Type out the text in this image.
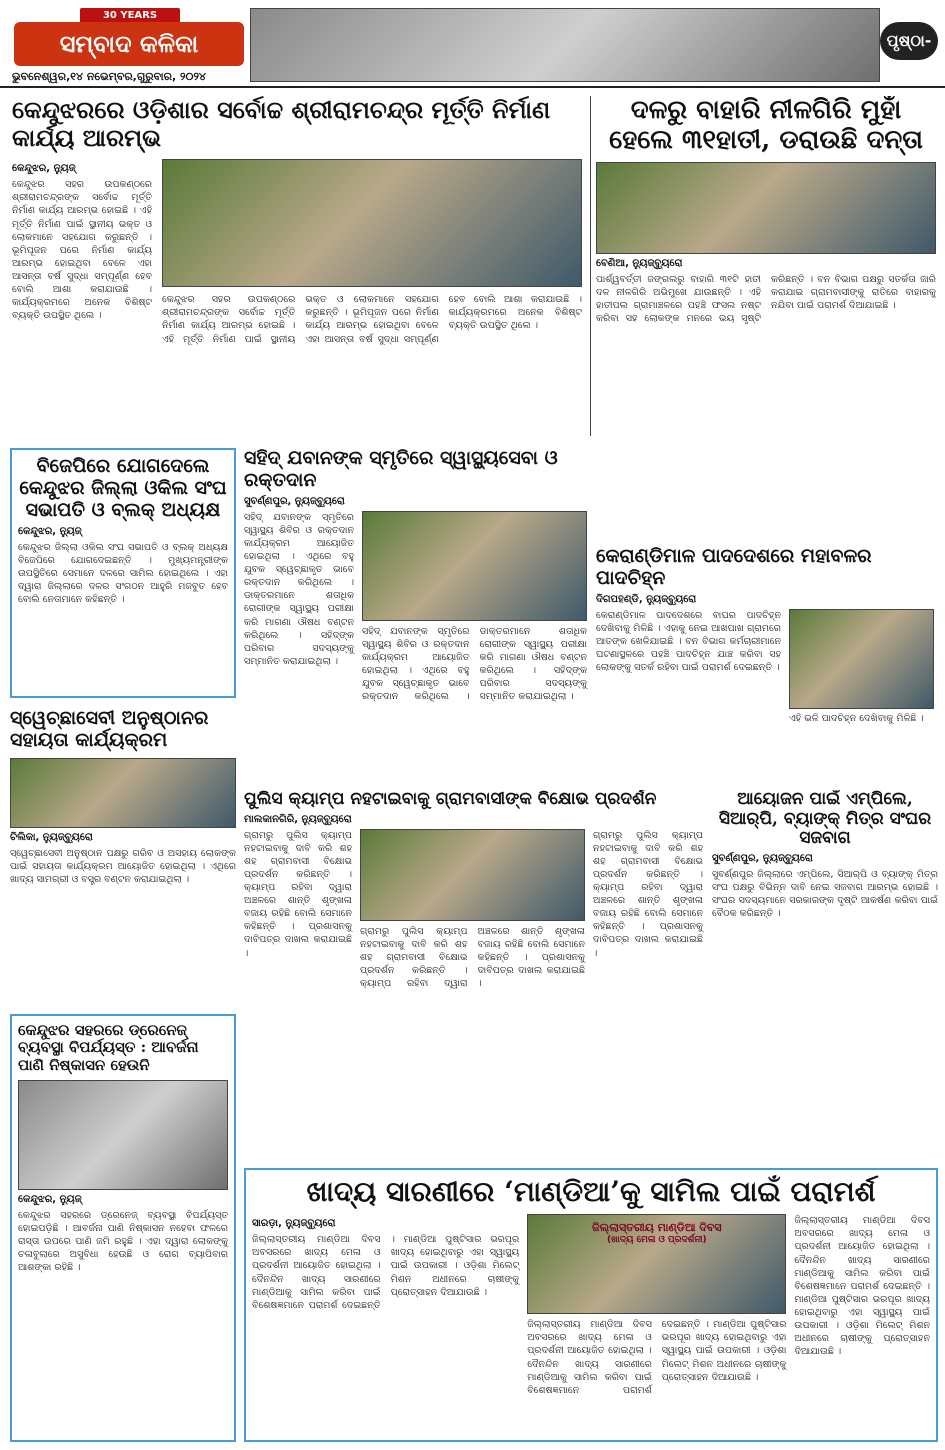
30 YEARS
ସମ୍ବାଦ କଳିକା
ଭୁବନେଶ୍ୱର,୧୪ ନଭେମ୍ବର,ଗୁରୁବାର, ୨୦୨୪
ପୃଷ୍ଠା- ୨
କେନ୍ଦୁଝରରେ ଓଡ଼ିଶାର ସର୍ବୋଚ୍ଚ ଶ୍ରୀରାମଚନ୍ଦ୍ର ମୂର୍ତ୍ତି ନିର୍ମାଣ କାର୍ଯ୍ୟ ଆରମ୍ଭ
କେନ୍ଦୁଝର, ନ୍ୟୁଜ୍
କେନ୍ଦୁଝର ସହର ଉପକଣ୍ଠରେ ଶ୍ରୀରାମଚନ୍ଦ୍ରଙ୍କ ସର୍ବୋଚ୍ଚ ମୂର୍ତ୍ତି ନିର୍ମାଣ କାର୍ଯ୍ୟ ଆରମ୍ଭ ହୋଇଛି । ଏହି ମୂର୍ତ୍ତି ନିର୍ମାଣ ପାଇଁ ସ୍ଥାନୀୟ ଭକ୍ତ ଓ ଲୋକମାନେ ସହଯୋଗ କରୁଛନ୍ତି । ଭୂମିପୂଜନ ପରେ ନିର୍ମାଣ କାର୍ଯ୍ୟ ଆରମ୍ଭ ହୋଇଥିବା ବେଳେ ଏହା ଆସନ୍ତା ବର୍ଷ ସୁଦ୍ଧା ସମ୍ପୂର୍ଣ୍ଣ ହେବ ବୋଲି ଆଶା କରାଯାଉଛି । କାର୍ଯ୍ୟକ୍ରମରେ ଅନେକ ବିଶିଷ୍ଟ ବ୍ୟକ୍ତି ଉପସ୍ଥିତ ଥିଲେ ।
କେନ୍ଦୁଝର ସହର ଉପକଣ୍ଠରେ ଶ୍ରୀରାମଚନ୍ଦ୍ରଙ୍କ ସର୍ବୋଚ୍ଚ ମୂର୍ତ୍ତି ନିର୍ମାଣ କାର୍ଯ୍ୟ ଆରମ୍ଭ ହୋଇଛି । ଏହି ମୂର୍ତ୍ତି ନିର୍ମାଣ ପାଇଁ ସ୍ଥାନୀୟ ଭକ୍ତ ଓ ଲୋକମାନେ ସହଯୋଗ କରୁଛନ୍ତି । ଭୂମିପୂଜନ ପରେ ନିର୍ମାଣ କାର୍ଯ୍ୟ ଆରମ୍ଭ ହୋଇଥିବା ବେଳେ ଏହା ଆସନ୍ତା ବର୍ଷ ସୁଦ୍ଧା ସମ୍ପୂର୍ଣ୍ଣ ହେବ ବୋଲି ଆଶା କରାଯାଉଛି । କାର୍ଯ୍ୟକ୍ରମରେ ଅନେକ ବିଶିଷ୍ଟ ବ୍ୟକ୍ତି ଉପସ୍ଥିତ ଥିଲେ ।
ଦଳରୁ ବାହାରି ନୀଳଗିରି ମୁହାଁ ହେଲେ ୩୧ହାତୀ, ଡରାଉଛି ଦନ୍ତା
ବେଣିଆ, ନ୍ୟୁଜ୍‌ବ୍ୟୁରୋ
ପାର୍ଶ୍ୱବର୍ତ୍ତୀ ଜଙ୍ଗଲରୁ ବାହାରି ୩୧ଟି ହାତୀ ଦଳ ନୀଳଗିରି ଅଭିମୁଖେ ଯାଉଛନ୍ତି । ଏହି ହାତୀପଲ ଗ୍ରାମାଞ୍ଚଳରେ ପହଞ୍ଚି ଫସଲ ନଷ୍ଟ କରିବା ସହ ଲୋକଙ୍କ ମନରେ ଭୟ ସୃଷ୍ଟି କରିଛନ୍ତି । ବନ ବିଭାଗ ପକ୍ଷରୁ ସତର୍କତା ଜାରି କରାଯାଇ ଗ୍ରାମବାସୀଙ୍କୁ ରାତିରେ ବାହାରକୁ ନଯିବା ପାଇଁ ପରାମର୍ଶ ଦିଆଯାଇଛି ।
ବିଜେପିରେ ଯୋଗଦେଲେ କେନ୍ଦୁଝର ଜିଲ୍ଲା ଓକିଲ ସଂଘ ସଭାପତି ଓ ବ୍ଲକ୍ ଅଧ୍ୟକ୍ଷ
କେନ୍ଦୁଝର, ନ୍ୟୁଜ୍
କେନ୍ଦୁଝର ଜିଲ୍ଲା ଓକିଲ ସଂଘ ସଭାପତି ଓ ବ୍ଲକ୍ ଅଧ୍ୟକ୍ଷ ବିଜେପିରେ ଯୋଗଦେଇଛନ୍ତି । ମୁଖ୍ୟମନ୍ତ୍ରୀଙ୍କ ଉପସ୍ଥିତିରେ ସେମାନେ ଦଳରେ ସାମିଲ ହୋଇଥିଲେ । ଏହା ଦ୍ୱାରା ଜିଲ୍ଲାରେ ଦଳର ସଂଗଠନ ଆହୁରି ମଜବୁତ ହେବ ବୋଲି ନେତାମାନେ କହିଛନ୍ତି ।
ସହିଦ୍ ଯବାନଙ୍କ ସ୍ମୃତିରେ ସ୍ୱାସ୍ଥ୍ୟସେବା ଓ ରକ୍ତଦାନ
ସୁବର୍ଣ୍ଣପୁର, ନ୍ୟୁଜ୍‌ବ୍ୟୁରୋ
ସହିଦ୍ ଯବାନଙ୍କ ସ୍ମୃତିରେ ସ୍ୱାସ୍ଥ୍ୟ ଶିବିର ଓ ରକ୍ତଦାନ କାର୍ଯ୍ୟକ୍ରମ ଆୟୋଜିତ ହୋଇଥିଲା । ଏଥିରେ ବହୁ ଯୁବକ ସ୍ୱେଚ୍ଛାକୃତ ଭାବେ ରକ୍ତଦାନ କରିଥିଲେ । ଡାକ୍ତରମାନେ ଶତାଧିକ ରୋଗୀଙ୍କ ସ୍ୱାସ୍ଥ୍ୟ ପରୀକ୍ଷା କରି ମାଗଣା ଔଷଧ ବଣ୍ଟନ କରିଥିଲେ । ସହିଦ୍‌ଙ୍କ ପରିବାର ସଦସ୍ୟଙ୍କୁ ସମ୍ମାନିତ କରାଯାଇଥିଲା ।
ସହିଦ୍ ଯବାନଙ୍କ ସ୍ମୃତିରେ ସ୍ୱାସ୍ଥ୍ୟ ଶିବିର ଓ ରକ୍ତଦାନ କାର୍ଯ୍ୟକ୍ରମ ଆୟୋଜିତ ହୋଇଥିଲା । ଏଥିରେ ବହୁ ଯୁବକ ସ୍ୱେଚ୍ଛାକୃତ ଭାବେ ରକ୍ତଦାନ କରିଥିଲେ । ଡାକ୍ତରମାନେ ଶତାଧିକ ରୋଗୀଙ୍କ ସ୍ୱାସ୍ଥ୍ୟ ପରୀକ୍ଷା କରି ମାଗଣା ଔଷଧ ବଣ୍ଟନ କରିଥିଲେ । ସହିଦ୍‌ଙ୍କ ପରିବାର ସଦସ୍ୟଙ୍କୁ ସମ୍ମାନିତ କରାଯାଇଥିଲା ।
କେରାଣ୍ଡିମାଳ ପାଦଦେଶରେ ମହାବଳର ପାଦଚିହ୍ନ
ଦିଗପହଣ୍ଡି, ନ୍ୟୁଜ୍‌ବ୍ୟୁରୋ
କେରାଣ୍ଡିମାଳ ପାଦଦେଶରେ ବାଘର ପାଦଚିହ୍ନ ଦେଖିବାକୁ ମିଳିଛି । ଏହାକୁ ନେଇ ଆଖପାଖ ଗ୍ରାମରେ ଆତଙ୍କ ଖେଳିଯାଇଛି । ବନ ବିଭାଗ କର୍ମଚାରୀମାନେ ଘଟଣାସ୍ଥଳରେ ପହଞ୍ଚି ପାଦଚିହ୍ନ ଯାଞ୍ଚ କରିବା ସହ ଲୋକଙ୍କୁ ସତର୍କ ରହିବା ପାଇଁ ପରାମର୍ଶ ଦେଇଛନ୍ତି ।
ଏହି ଭଳି ପାଦଚିହ୍ନ ଦେଖିବାକୁ ମିଳିଛି ।
ସ୍ୱେଚ୍ଛାସେବୀ ଅନୁଷ୍ଠାନର ସହାୟତା କାର୍ଯ୍ୟକ୍ରମ
ଚିଲିକା, ନ୍ୟୁଜ୍‌ବ୍ୟୁରୋ
ସ୍ୱେଚ୍ଛାସେବୀ ଅନୁଷ୍ଠାନ ପକ୍ଷରୁ ଗରିବ ଓ ଅସହାୟ ଲୋକଙ୍କ ପାଇଁ ସହାୟତା କାର୍ଯ୍ୟକ୍ରମ ଆୟୋଜିତ ହୋଇଥିଲା । ଏଥିରେ ଖାଦ୍ୟ ସାମଗ୍ରୀ ଓ ବସ୍ତ୍ର ବଣ୍ଟନ କରାଯାଇଥିଲା ।
ପୁଲିସ କ୍ୟାମ୍ପ ନହଟାଇବାକୁ ଗ୍ରାମବାସୀଙ୍କ ବିକ୍ଷୋଭ ପ୍ରଦର୍ଶନ
ମାଲକାନଗିରି, ନ୍ୟୁଜ୍‌ବ୍ୟୁରୋ
ଗ୍ରାମରୁ ପୁଲିସ କ୍ୟାମ୍ପ ନହଟାଇବାକୁ ଦାବି କରି ଶହ ଶହ ଗ୍ରାମବାସୀ ବିକ୍ଷୋଭ ପ୍ରଦର୍ଶନ କରିଛନ୍ତି । କ୍ୟାମ୍ପ ରହିବା ଦ୍ୱାରା ଅଞ୍ଚଳରେ ଶାନ୍ତି ଶୃଙ୍ଖଳା ବଜାୟ ରହିଛି ବୋଲି ସେମାନେ କହିଛନ୍ତି । ପ୍ରଶାସନକୁ ଦାବିପତ୍ର ଦାଖଲ କରାଯାଇଛି ।
ଗ୍ରାମରୁ ପୁଲିସ କ୍ୟାମ୍ପ ନହଟାଇବାକୁ ଦାବି କରି ଶହ ଶହ ଗ୍ରାମବାସୀ ବିକ୍ଷୋଭ ପ୍ରଦର୍ଶନ କରିଛନ୍ତି । କ୍ୟାମ୍ପ ରହିବା ଦ୍ୱାରା ଅଞ୍ଚଳରେ ଶାନ୍ତି ଶୃଙ୍ଖଳା ବଜାୟ ରହିଛି ବୋଲି ସେମାନେ କହିଛନ୍ତି । ପ୍ରଶାସନକୁ ଦାବିପତ୍ର ଦାଖଲ କରାଯାଇଛି ।
ଗ୍ରାମରୁ ପୁଲିସ କ୍ୟାମ୍ପ ନହଟାଇବାକୁ ଦାବି କରି ଶହ ଶହ ଗ୍ରାମବାସୀ ବିକ୍ଷୋଭ ପ୍ରଦର୍ଶନ କରିଛନ୍ତି । କ୍ୟାମ୍ପ ରହିବା ଦ୍ୱାରା ଅଞ୍ଚଳରେ ଶାନ୍ତି ଶୃଙ୍ଖଳା ବଜାୟ ରହିଛି ବୋଲି ସେମାନେ କହିଛନ୍ତି । ପ୍ରଶାସନକୁ ଦାବିପତ୍ର ଦାଖଲ କରାଯାଇଛି ।
ଆୟୋଜନ ପାଇଁ ଏମ୍‌ପିଲେ, ସିଆର୍‌ପି, ବ୍ୟାଙ୍କ୍ ମିତ୍ର ସଂଘର ସଜବାଗ
ସୁବର୍ଣ୍ଣପୁର, ନ୍ୟୁଜ୍‌ବ୍ୟୁରୋ
ସୁବର୍ଣ୍ଣପୁର ଜିଲ୍ଲାରେ ଏମ୍‌ପିଲେ, ସିଆର୍‌ପି ଓ ବ୍ୟାଙ୍କ୍ ମିତ୍ର ସଂଘ ପକ୍ଷରୁ ବିଭିନ୍ନ ଦାବି ନେଇ ସଜବାଗ ଆରମ୍ଭ ହୋଇଛି । ସଂଘର ସଦସ୍ୟମାନେ ସରକାରଙ୍କ ଦୃଷ୍ଟି ଆକର୍ଷଣ କରିବା ପାଇଁ ବୈଠକ କରିଛନ୍ତି ।
କେନ୍ଦୁଝର ସହରରେ ଡ୍ରେନେଜ୍ ବ୍ୟବସ୍ଥା ବିପର୍ଯ୍ୟସ୍ତ : ଆବର୍ଜନା ପାଣି ନିଷ୍କାସନ ହେଉନି
କେନ୍ଦୁଝର, ନ୍ୟୁଜ୍
କେନ୍ଦୁଝର ସହରରେ ଡ୍ରେନେଜ୍ ବ୍ୟବସ୍ଥା ବିପର୍ଯ୍ୟସ୍ତ ହୋଇପଡ଼ିଛି । ଆବର୍ଜନା ପାଣି ନିଷ୍କାସନ ନହେବା ଫଳରେ ରାସ୍ତା ଉପରେ ପାଣି ଜମି ରହୁଛି । ଏହା ଦ୍ୱାରା ଲୋକଙ୍କୁ ଚଳାବୁଲାରେ ଅସୁବିଧା ହେଉଛି ଓ ରୋଗ ବ୍ୟାପିବାର ଆଶଙ୍କା ରହିଛି ।
ଖାଦ୍ୟ ସାରଣୀରେ ‘ମାଣ୍ଡିଆ’କୁ ସାମିଲ ପାଇଁ ପରାମର୍ଶ
ସାରଡ଼ା, ନ୍ୟୁଜ୍‌ବ୍ୟୁରୋ
ଜିଲ୍ଲାସ୍ତରୀୟ ମାଣ୍ଡିଆ ଦିବସ ଅବସରରେ ଖାଦ୍ୟ ମେଳା ଓ ପ୍ରଦର୍ଶନୀ ଆୟୋଜିତ ହୋଇଥିଲା । ଦୈନନ୍ଦିନ ଖାଦ୍ୟ ସାରଣୀରେ ମାଣ୍ଡିଆକୁ ସାମିଲ କରିବା ପାଇଁ ବିଶେଷଜ୍ଞମାନେ ପରାମର୍ଶ ଦେଇଛନ୍ତି । ମାଣ୍ଡିଆ ପୁଷ୍ଟିସାର ଭରପୂର ଖାଦ୍ୟ ହୋଇଥିବାରୁ ଏହା ସ୍ୱାସ୍ଥ୍ୟ ପାଇଁ ଉପକାରୀ । ଓଡ଼ିଶା ମିଲେଟ୍ ମିଶନ ଅଧୀନରେ ଚାଷୀଙ୍କୁ ପ୍ରୋତ୍ସାହନ ଦିଆଯାଉଛି ।
ଜିଲ୍ଲାସ୍ତରୀୟ ମାଣ୍ଡିଆ ଦିବସ
(ଖାଦ୍ୟ ମେଳା ଓ ପ୍ରଦର୍ଶନୀ)
ଜିଲ୍ଲାସ୍ତରୀୟ ମାଣ୍ଡିଆ ଦିବସ ଅବସରରେ ଖାଦ୍ୟ ମେଳା ଓ ପ୍ରଦର୍ଶନୀ ଆୟୋଜିତ ହୋଇଥିଲା । ଦୈନନ୍ଦିନ ଖାଦ୍ୟ ସାରଣୀରେ ମାଣ୍ଡିଆକୁ ସାମିଲ କରିବା ପାଇଁ ବିଶେଷଜ୍ଞମାନେ ପରାମର୍ଶ ଦେଇଛନ୍ତି । ମାଣ୍ଡିଆ ପୁଷ୍ଟିସାର ଭରପୂର ଖାଦ୍ୟ ହୋଇଥିବାରୁ ଏହା ସ୍ୱାସ୍ଥ୍ୟ ପାଇଁ ଉପକାରୀ । ଓଡ଼ିଶା ମିଲେଟ୍ ମିଶନ ଅଧୀନରେ ଚାଷୀଙ୍କୁ ପ୍ରୋତ୍ସାହନ ଦିଆଯାଉଛି ।
ଜିଲ୍ଲାସ୍ତରୀୟ ମାଣ୍ଡିଆ ଦିବସ ଅବସରରେ ଖାଦ୍ୟ ମେଳା ଓ ପ୍ରଦର୍ଶନୀ ଆୟୋଜିତ ହୋଇଥିଲା । ଦୈନନ୍ଦିନ ଖାଦ୍ୟ ସାରଣୀରେ ମାଣ୍ଡିଆକୁ ସାମିଲ କରିବା ପାଇଁ ବିଶେଷଜ୍ଞମାନେ ପରାମର୍ଶ ଦେଇଛନ୍ତି । ମାଣ୍ଡିଆ ପୁଷ୍ଟିସାର ଭରପୂର ଖାଦ୍ୟ ହୋଇଥିବାରୁ ଏହା ସ୍ୱାସ୍ଥ୍ୟ ପାଇଁ ଉପକାରୀ । ଓଡ଼ିଶା ମିଲେଟ୍ ମିଶନ ଅଧୀନରେ ଚାଷୀଙ୍କୁ ପ୍ରୋତ୍ସାହନ ଦିଆଯାଉଛି ।
